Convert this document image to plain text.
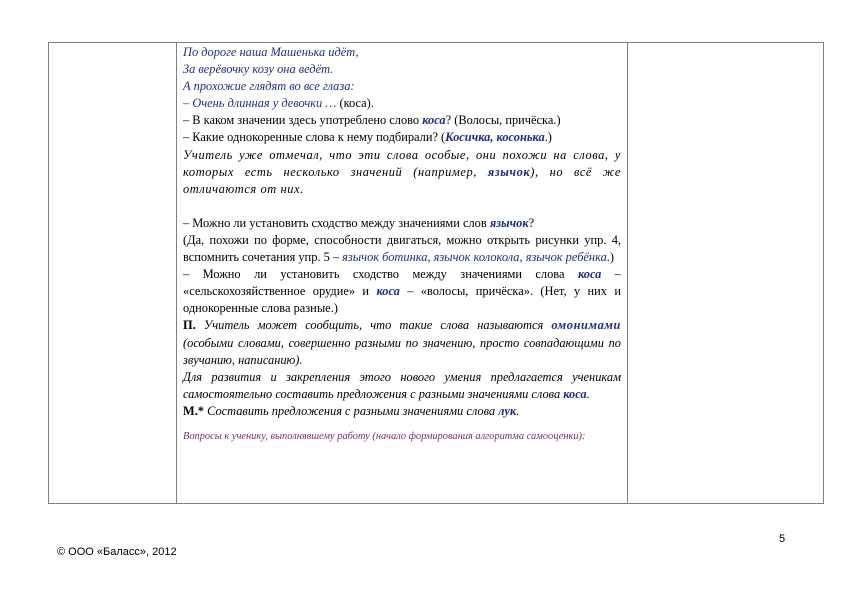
По дороге наша Машенька идёт,

За верёвочку козу она ведёт.

А прохожие глядят во все глаза:

– Очень длинная у девочки … (коса).

– В каком значении здесь употреблено слово коса? (Волосы, причёска.)

– Какие однокоренные слова к нему подбирали? (Косичка, косонька.)

Учитель уже отмечал, что эти слова особые, они похожи на слова, у которых есть несколько значений (например, язычок), но всё же отличаются от них.

– Можно ли установить сходство между значениями слов язычок?

(Да, похожи по форме, способности двигаться, можно открыть рисунки упр. 4, вспомнить сочетания упр. 5 – язычок ботинка, язычок колокола, язычок ребёнка.)

– Можно ли установить сходство между значениями слова коса – «сельскохозяйственное орудие» и коса – «волосы, причёска». (Нет, у них и однокоренные слова разные.)

П. Учитель может сообщить, что такие слова называются омонимами (особыми словами, совершенно разными по значению, просто совпадающими по звучанию, написанию).

Для развития и закрепления этого нового умения предлагается ученикам самостоятельно составить предложения с разными значениями слова коса.

М.* Составить предложения с разными значениями слова лук.

Вопросы к ученику, выполнявшему работу (начало формирования алгоритма самооценки):

5
© ООО «Баласс», 2012
